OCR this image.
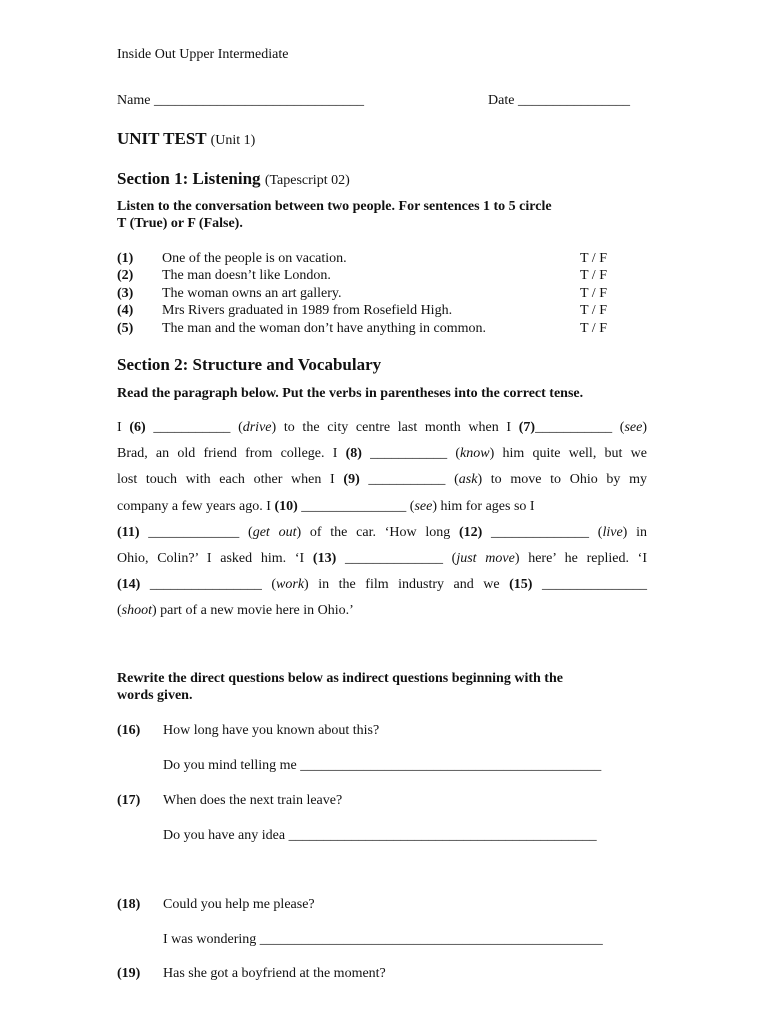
Inside Out Upper Intermediate
Name ______________________________	Date ________________
UNIT TEST (Unit 1)
Section 1: Listening (Tapescript 02)
Listen to the conversation between two people. For sentences 1 to 5 circle
T (True) or F (False).
(1) One of the people is on vacation.	T / F
(2) The man doesn’t like London.	T / F
(3) The woman owns an art gallery.	T / F
(4) Mrs Rivers graduated in 1989 from Rosefield High.	T / F
(5) The man and the woman don’t have anything in common.	T / F
Section 2: Structure and Vocabulary
Read the paragraph below. Put the verbs in parentheses into the correct tense.
I (6) ___________ (drive) to the city centre last month when I (7)___________ (see)
Brad, an old friend from college. I (8) ___________ (know) him quite well, but we
lost touch with each other when I (9) ___________ (ask) to move to Ohio by my
company a few years ago. I (10) _______________ (see) him for ages so I
(11) _____________ (get out) of the car. ‘How long (12) ______________ (live) in
Ohio, Colin?’ I asked him. ‘I (13) ______________ (just move) here’ he replied. ‘I
(14) ________________ (work) in the film industry and we (15) _______________
(shoot) part of a new movie here in Ohio.’
Rewrite the direct questions below as indirect questions beginning with the
words given.
(16) How long have you known about this?
Do you mind telling me ___________________________________________
(17) When does the next train leave?
Do you have any idea ____________________________________________
(18) Could you help me please?
I was wondering _________________________________________________
(19) Has she got a boyfriend at the moment?
